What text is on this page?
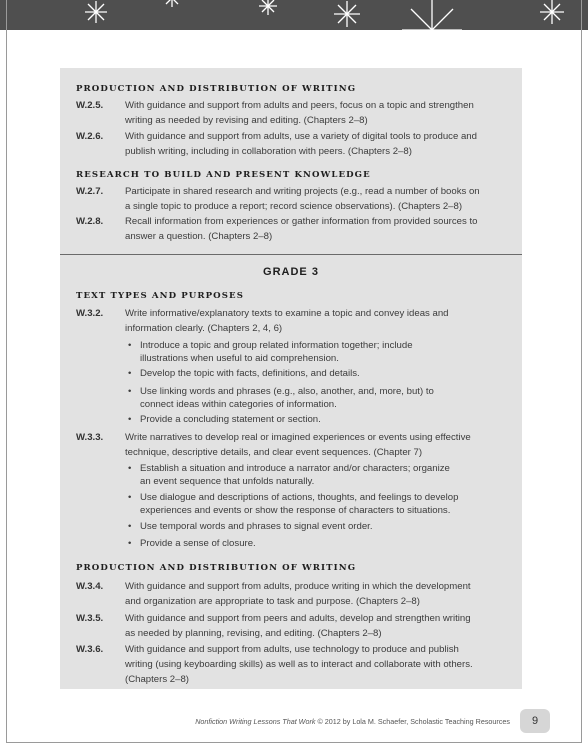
PRODUCTION AND DISTRIBUTION OF WRITING
W.2.5. With guidance and support from adults and peers, focus on a topic and strengthen
writing as needed by revising and editing. (Chapters 2–8)
W.2.6. With guidance and support from adults, use a variety of digital tools to produce and
publish writing, including in collaboration with peers. (Chapters 2–8)
RESEARCH TO BUILD AND PRESENT KNOWLEDGE
W.2.7. Participate in shared research and writing projects (e.g., read a number of books on
a single topic to produce a report; record science observations). (Chapters 2–8)
W.2.8. Recall information from experiences or gather information from provided sources to
answer a question. (Chapters 2–8)
GRADE 3
TEXT TYPES AND PURPOSES
W.3.2. Write informative/explanatory texts to examine a topic and convey ideas and
information clearly. (Chapters 2, 4, 6)
• Introduce a topic and group related information together; include
illustrations when useful to aid comprehension.
• Develop the topic with facts, definitions, and details.
• Use linking words and phrases (e.g., also, another, and, more, but) to
connect ideas within categories of information.
• Provide a concluding statement or section.
W.3.3. Write narratives to develop real or imagined experiences or events using effective
technique, descriptive details, and clear event sequences. (Chapter 7)
• Establish a situation and introduce a narrator and/or characters; organize
an event sequence that unfolds naturally.
• Use dialogue and descriptions of actions, thoughts, and feelings to develop
experiences and events or show the response of characters to situations.
• Use temporal words and phrases to signal event order.
• Provide a sense of closure.
PRODUCTION AND DISTRIBUTION OF WRITING
W.3.4. With guidance and support from adults, produce writing in which the development
and organization are appropriate to task and purpose. (Chapters 2–8)
W.3.5. With guidance and support from peers and adults, develop and strengthen writing
as needed by planning, revising, and editing. (Chapters 2–8)
W.3.6. With guidance and support from adults, use technology to produce and publish
writing (using keyboarding skills) as well as to interact and collaborate with others.
(Chapters 2–8)
Nonfiction Writing Lessons That Work © 2012 by Lola M. Schaefer, Scholastic Teaching Resources	9
